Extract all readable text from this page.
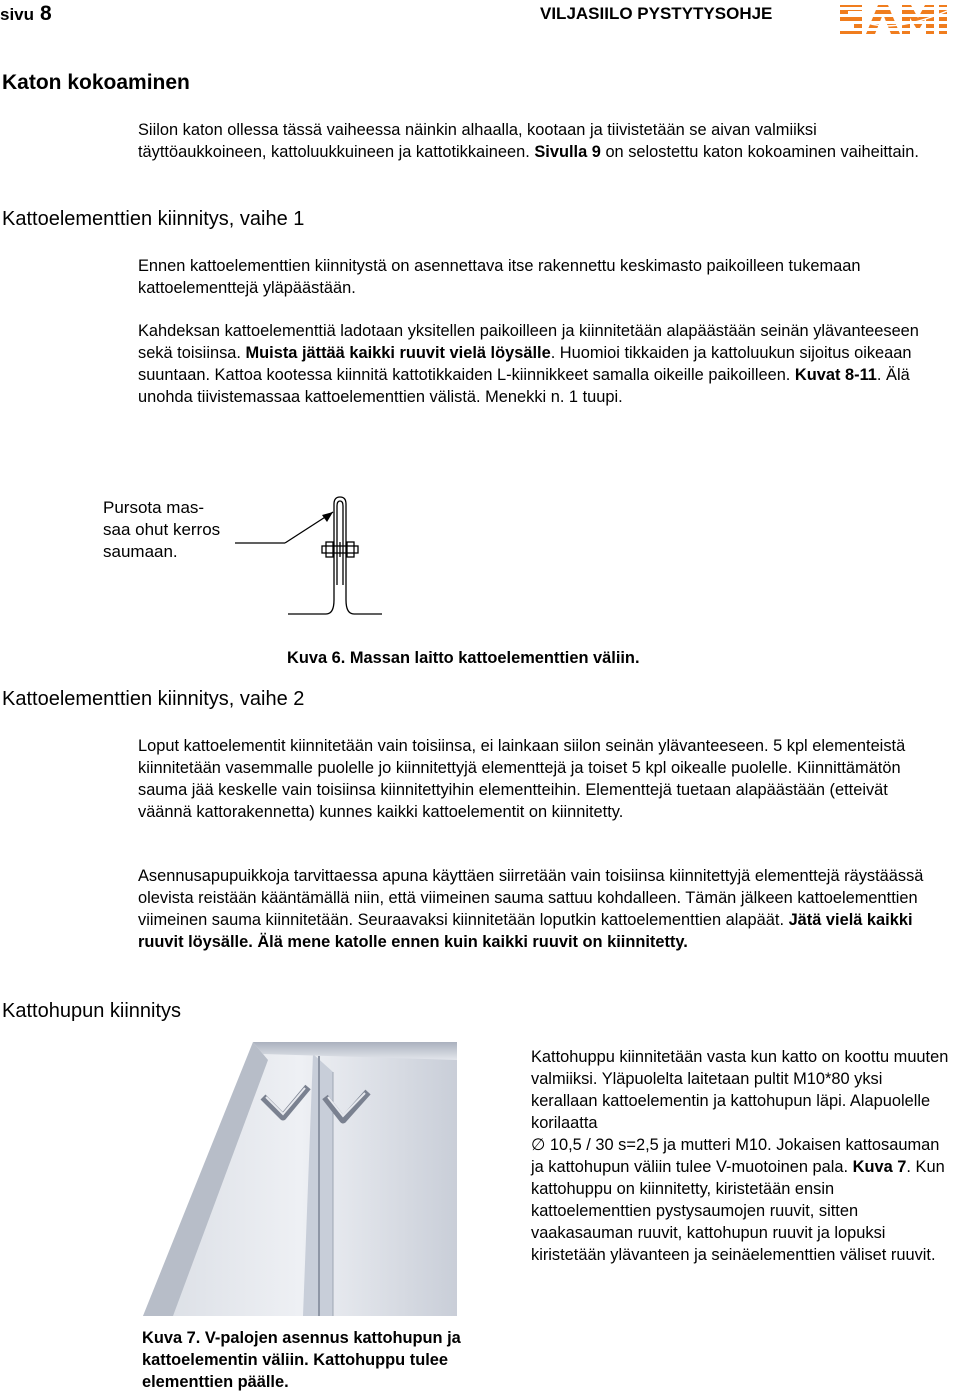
sivu 8	VILJASIILO PYSTYTYSOHJE
Katon kokoaminen
Siilon katon ollessa tässä vaiheessa näinkin alhaalla, kootaan ja tiivistetään se aivan valmiiksi täyttöaukkoineen, kattoluukkuineen ja kattotikkaineen. Sivulla 9 on selostettu katon kokoaminen vaiheittain.
Kattoelementtien kiinnitys, vaihe 1
Ennen kattoelementtien kiinnitystä on asennettava itse rakennettu keskimasto paikoilleen tukemaan kattoelementtejä yläpäästään.
Kahdeksan kattoelementtiä ladotaan yksitellen paikoilleen ja kiinnitetään alapäästään seinän ylävanteeseen sekä toisiinsa. Muista jättää kaikki ruuvit vielä löysälle. Huomioi tikkaiden ja kattoluukun sijoitus oikeaan suuntaan. Kattoa kootessa kiinnitä kattotikkaiden L-kiinnikkeet samalla oikeille paikoilleen. Kuvat 8-11. Älä unohda tiivistemassaa kattoelementtien välistä. Menekki n. 1 tuupi.
Pursota mas-
saa ohut kerros
saumaan.
Kuva 6. Massan laitto kattoelementtien väliin.
Kattoelementtien kiinnitys, vaihe 2
Loput kattoelementit kiinnitetään vain toisiinsa, ei lainkaan siilon seinän ylävanteeseen. 5 kpl elementeistä kiinnitetään vasemmalle puolelle jo kiinnitettyjä elementtejä ja toiset 5 kpl oikealle puolelle. Kiinnittämätön sauma jää keskelle vain toisiinsa kiinnitettyihin elementteihin. Elementtejä tuetaan alapäästään (etteivät väännä kattorakennetta) kunnes kaikki kattoelementit on kiinnitetty.
Asennusapupuikkoja tarvittaessa apuna käyttäen siirretään vain toisiinsa kiinnitettyjä elementtejä räystäässä olevista reistään kääntämällä niin, että viimeinen sauma sattuu kohdalleen. Tämän jälkeen kattoelementtien viimeinen sauma kiinnitetään. Seuraavaksi kiinnitetään loputkin kattoelementtien alapäät. Jätä vielä kaikki ruuvit löysälle. Älä mene katolle ennen kuin kaikki ruuvit on kiinnitetty.
Kattohupun kiinnitys
Kattohuppu kiinnitetään vasta kun katto on koottu muuten valmiiksi. Yläpuolelta laitetaan pultit M10*80 yksi kerallaan kattoelementin ja kattohupun läpi. Alapuolelle korilaatta
∅ 10,5 / 30 s=2,5 ja mutteri M10. Jokaisen kattosauman ja kattohupun väliin tulee V-muotoinen pala. Kuva 7. Kun kattohuppu on kiinnitetty, kiristetään ensin kattoelementtien pystysaumojen ruuvit, sitten vaakasauman ruuvit, kattohupun ruuvit ja lopuksi kiristetään ylävanteen ja seinäelementtien väliset ruuvit.
Kuva 7. V-palojen asennus kattohupun ja kattoelementin väliin. Kattohuppu tulee elementtien päälle.
